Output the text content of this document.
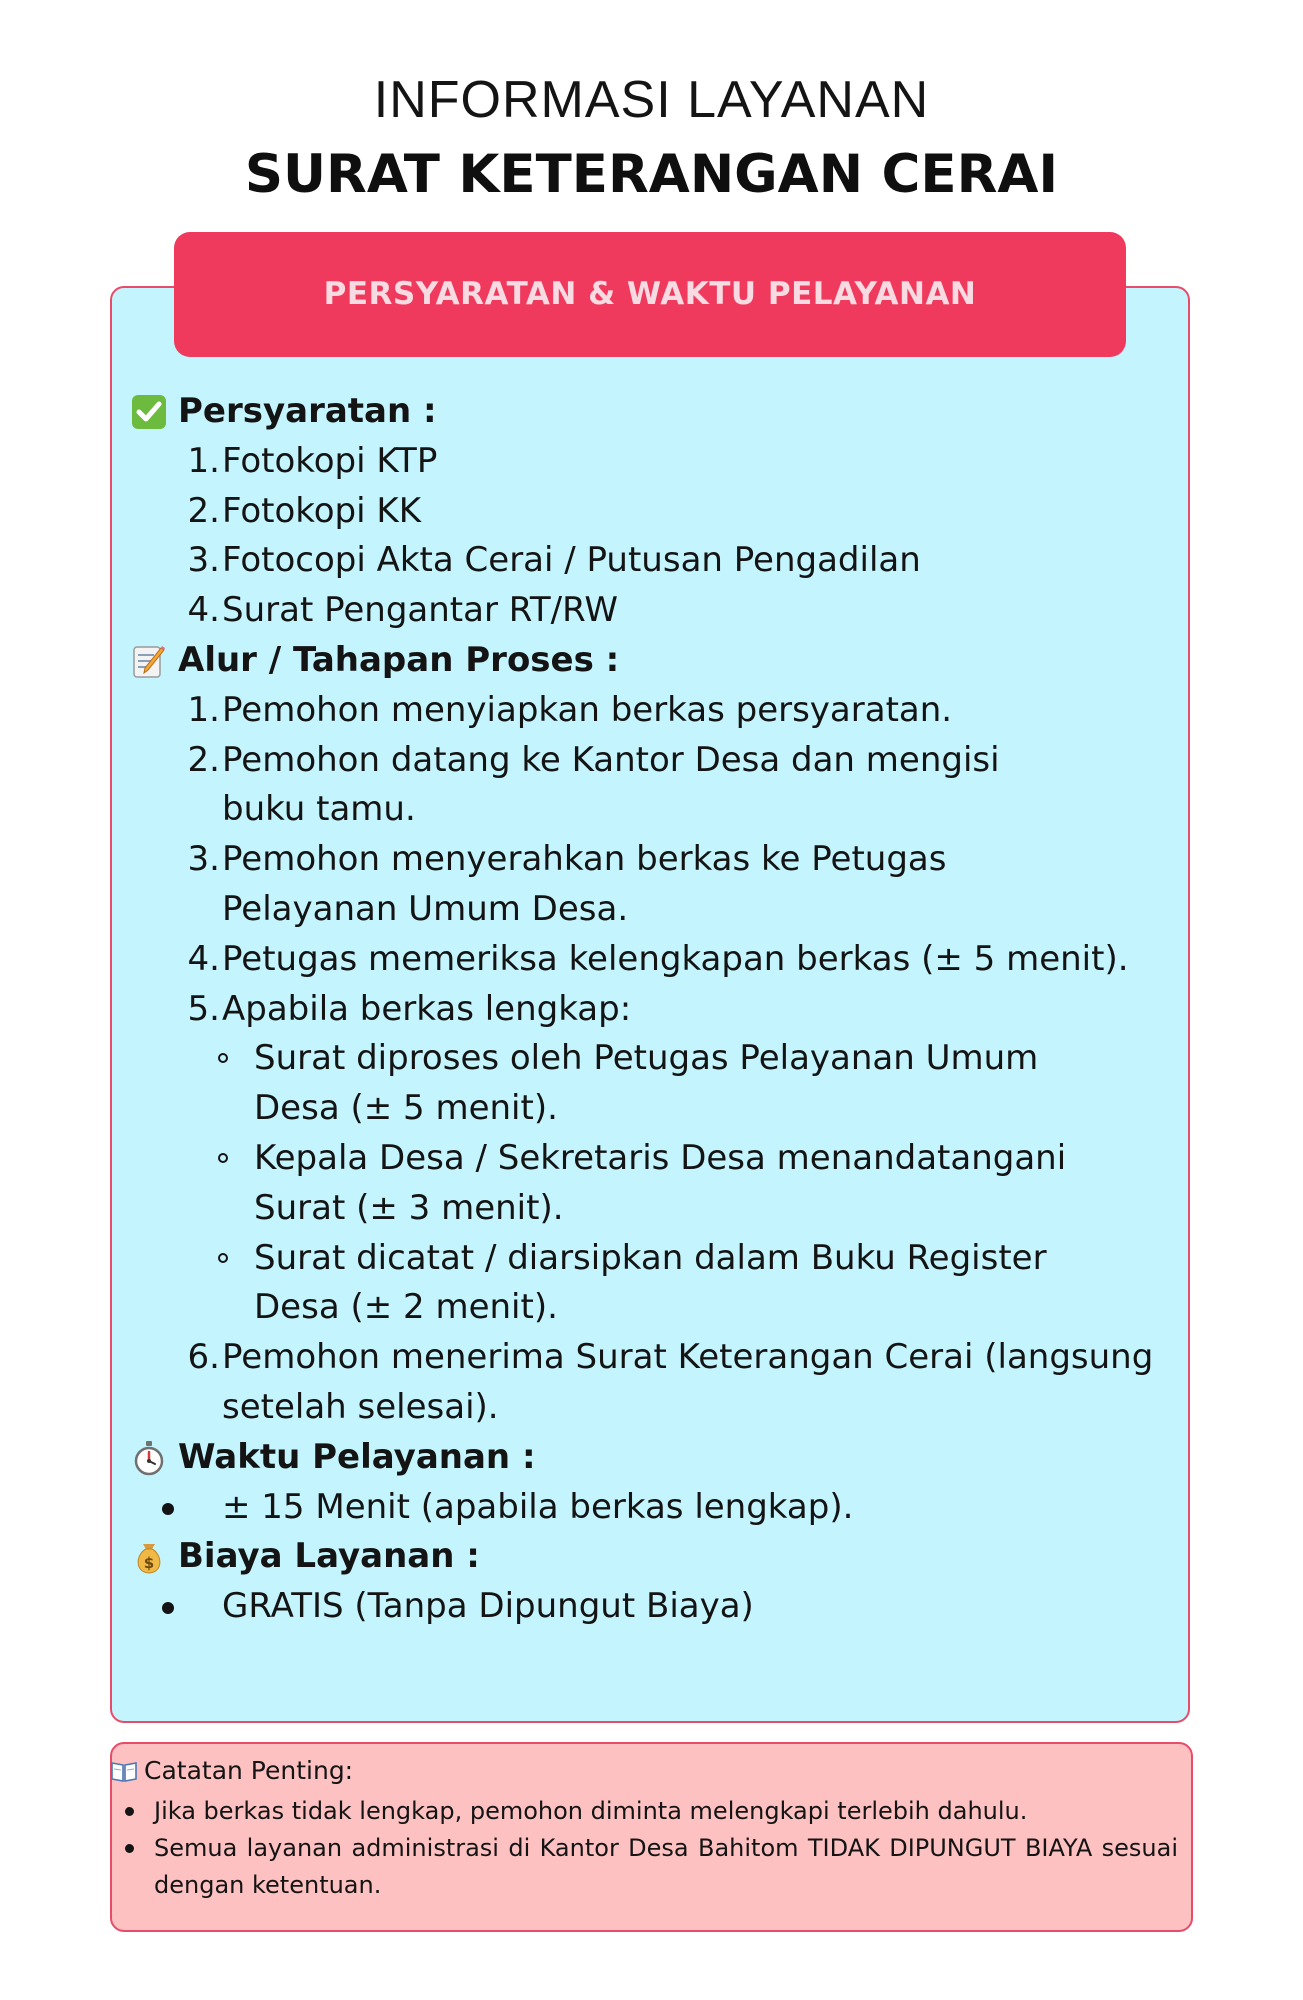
INFORMASI LAYANAN
SURAT KETERANGAN CERAI
PERSYARATAN & WAKTU PELAYANAN
Persyaratan :
1. Fotokopi KTP
2. Fotokopi KK
3. Fotocopi Akta Cerai / Putusan Pengadilan
4. Surat Pengantar RT/RW
Alur / Tahapan Proses :
1. Pemohon menyiapkan berkas persyaratan.
2. Pemohon datang ke Kantor Desa dan mengisi buku tamu.
3. Pemohon menyerahkan berkas ke Petugas Pelayanan Umum Desa.
4. Petugas memeriksa kelengkapan berkas (± 5 menit).
5. Apabila berkas lengkap:
Surat diproses oleh Petugas Pelayanan Umum Desa (± 5 menit).
Kepala Desa / Sekretaris Desa menandatangani Surat (± 3 menit).
Surat dicatat / diarsipkan dalam Buku Register Desa (± 2 menit).
6. Pemohon menerima Surat Keterangan Cerai (langsung setelah selesai).
Waktu Pelayanan :
± 15 Menit (apabila berkas lengkap).
$ Biaya Layanan :
GRATIS (Tanpa Dipungut Biaya)
Catatan Penting:
Jika berkas tidak lengkap, pemohon diminta melengkapi terlebih dahulu.
Semua layanan administrasi di Kantor Desa Bahitom TIDAK DIPUNGUT BIAYA sesuai dengan ketentuan.
